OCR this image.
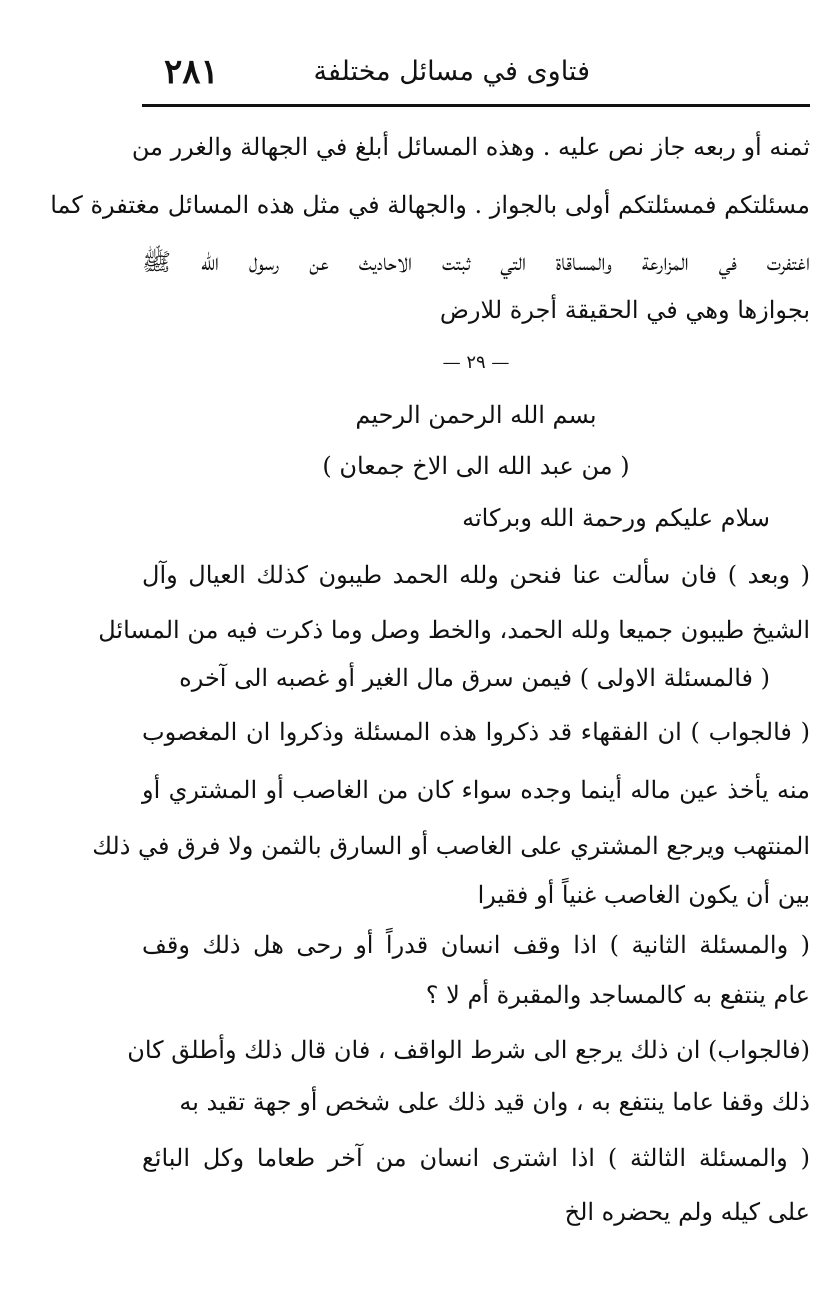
فتاوى في مسائل مختلفة
٢٨١
ثمنه أو ربعه جاز نص عليه . وهذه المسائل أبلغ في الجهالة والغرر من
مسئلتكم فمسئلتكم أولى بالجواز . والجهالة في مثل هذه المسائل مغتفرة كما
اغتفرت في المزارعة والمساقاة التي ثبتت الاحاديث عن رسول الله ﷺ
بجوازها وهي في الحقيقة أجرة للارض
— ٢٩ —
بسم الله الرحمن الرحيم
( من عبد الله الى الاخ جمعان )
سلام عليكم ورحمة الله وبركاته
( وبعد ) فان سألت عنا فنحن ولله الحمد طيبون كذلك العيال وآل
الشيخ طيبون جميعا ولله الحمد، والخط وصل وما ذكرت فيه من المسائل
( فالمسئلة الاولى ) فيمن سرق مال الغير أو غصبه الى آخره
( فالجواب ) ان الفقهاء قد ذكروا هذه المسئلة وذكروا ان المغصوب
منه يأخذ عين ماله أينما وجده سواء كان من الغاصب أو المشتري أو
المنتهب ويرجع المشتري على الغاصب أو السارق بالثمن ولا فرق في ذلك
بين أن يكون الغاصب غنياً أو فقيرا
( والمسئلة الثانية ) اذا وقف انسان قدراً أو رحى هل ذلك وقف
عام ينتفع به كالمساجد والمقبرة أم لا ؟
(فالجواب) ان ذلك يرجع الى شرط الواقف ، فان قال ذلك وأطلق كان
ذلك وقفا عاما ينتفع به ، وان قيد ذلك على شخص أو جهة تقيد به
( والمسئلة الثالثة ) اذا اشترى انسان من آخر طعاما وكل البائع
على كيله ولم يحضره الخ
